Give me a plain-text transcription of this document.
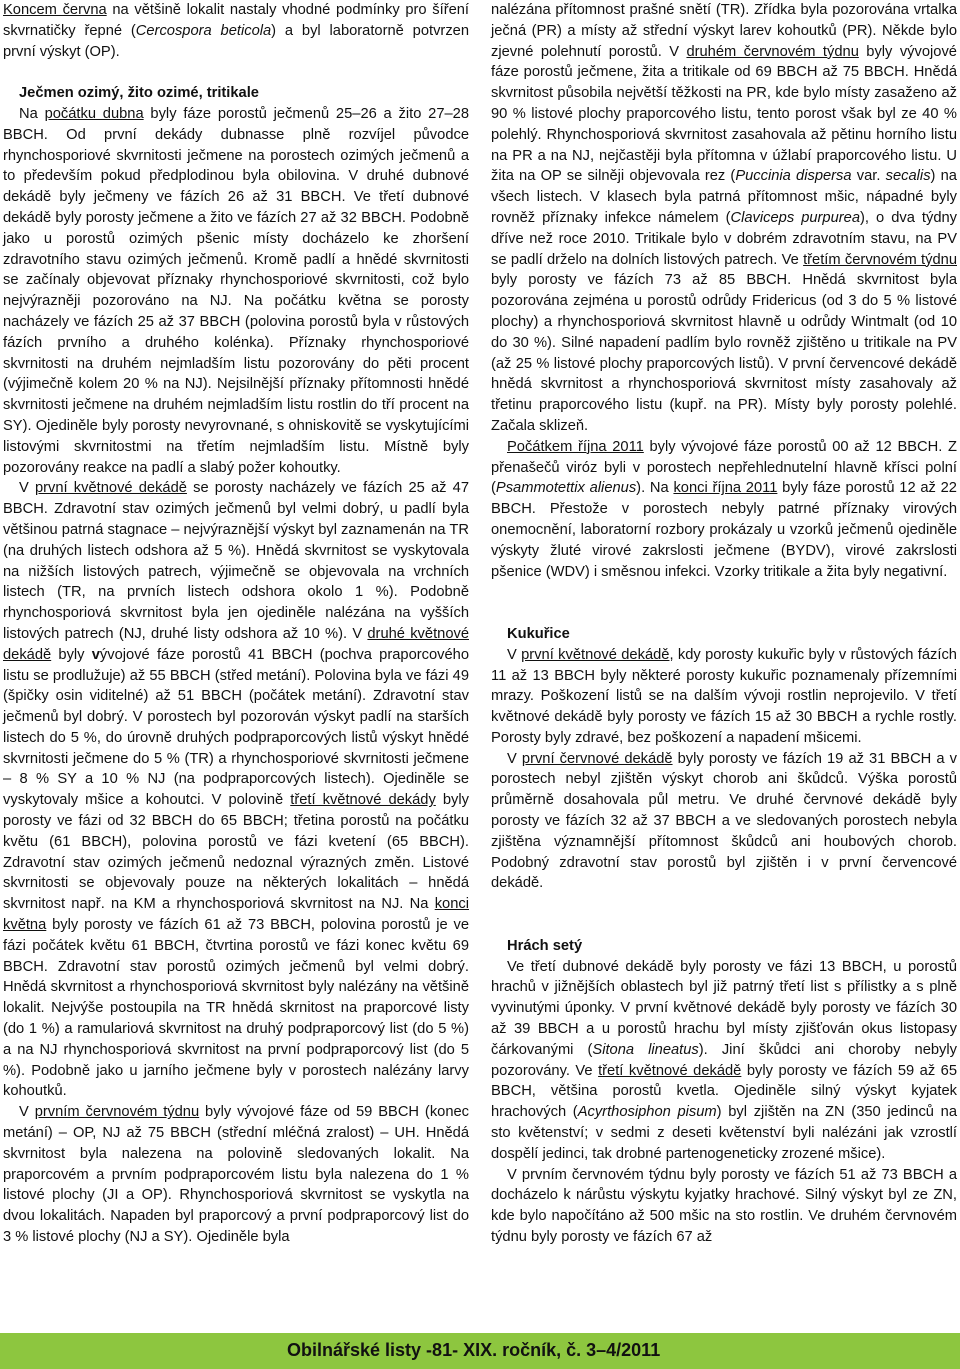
Koncem června na většině lokalit nastaly vhodné podmínky pro šíření skvrnatičky řepné (Cercospora beticola) a byl laboratorně potvrzen první výskyt (OP).

Ječmen ozimý, žito ozimé, tritikale

Na počátku dubna byly fáze porostů ječmenů 25–26 a žito 27–28 BBCH. Od první dekády dubnasse plně rozvíjel původce rhynchosporiové skvrnitosti ječmene na porostech ozimých ječmenů a to především pokud předplodinou byla obilovina. V druhé dubnové dekádě byly ječmeny ve fázích 26 až 31 BBCH. Ve třetí dubnové dekádě byly porosty ječmene a žito ve fázích 27 až 32 BBCH. Podobně jako u porostů ozimých pšenic místy docházelo ke zhoršení zdravotního stavu ozimých ječmenů. Kromě padlí a hnědé skvrnitosti se začínaly objevovat příznaky rhynchosporiové skvrnitosti, což bylo nejvýrazněji pozorováno na NJ. Na počátku května se porosty nacházely ve fázích 25 až 37 BBCH (polovina porostů byla v růstových fázích prvního a druhého kolénka). Příznaky rhynchosporiové skvrnitosti na druhém nejmladším listu pozorovány do pěti procent (výjimečně kolem 20 % na NJ). Nejsilnější příznaky přítomnosti hnědé skvrnitosti ječmene na druhém nejmladším listu rostlin do tří procent na SY). Ojediněle byly porosty nevyrovnané, s ohniskovitě se vyskytujícími listovými skvrnitostmi na třetím nejmladším listu. Místně byly pozorovány reakce na padlí a slabý požer kohoutky.

V první květnové dekádě se porosty nacházely ve fázích 25 až 47 BBCH. Zdravotní stav ozimých ječmenů byl velmi dobrý, u padlí byla většinou patrná stagnace – nejvýraznější výskyt byl zaznamenán na TR (na druhých listech odshora až 5 %). Hnědá skvrnitost se vyskytovala na nižších listových patrech, výjimečně se objevovala na vrchních listech (TR, na prvních listech odshora okolo 1 %). Podobně rhynchosporiová skvrnitost byla jen ojediněle nalézána na vyšších listových patrech (NJ, druhé listy odshora až 10 %). V druhé květnové dekádě byly vývojové fáze porostů 41 BBCH (pochva praporcového listu se prodlužuje) až 55 BBCH (střed metání). Polovina byla ve fázi 49 (špičky osin viditelné) až 51 BBCH (počátek metání). Zdravotní stav ječmenů byl dobrý. V porostech byl pozorován výskyt padlí na starších listech do 5 %, do úrovně druhých podpraporcových listů výskyt hnědé skvrnitosti ječmene do 5 % (TR) a rhynchosporiové skvrnitosti ječmene – 8 % SY a 10 % NJ (na podpraporcových listech). Ojediněle se vyskytovaly mšice a kohoutci. V polovině třetí květnové dekády byly porosty ve fázi od 32 BBCH do 65 BBCH; třetina porostů na počátku květu (61 BBCH), polovina porostů ve fázi kvetení (65 BBCH). Zdravotní stav ozimých ječmenů nedoznal výrazných změn. Listové skvrnitosti se objevovaly pouze na některých lokalitách – hnědá skvrnitost např. na KM a rhynchosporiová skvrnitost na NJ. Na konci května byly porosty ve fázích 61 až 73 BBCH, polovina porostů je ve fázi počátek květu 61 BBCH, čtvrtina porostů ve fázi konec květu 69 BBCH. Zdravotní stav porostů ozimých ječmenů byl velmi dobrý. Hnědá skvrnitost a rhynchosporiová skvrnitost byly nalézány na většině lokalit. Nejvýše postoupila na TR hnědá skrnitost na praporcové listy (do 1 %) a ramulariová skvrnitost na druhý podpraporcový list (do 5 %) a na NJ rhynchosporiová skvrnitost na první podpraporcový list (do 5 %). Podobně jako u jarního ječmene byly v porostech nalézány larvy kohoutků.

V prvním červnovém týdnu byly vývojové fáze od 59 BBCH (konec metání) – OP, NJ až 75 BBCH (střední mléčná zralost) – UH. Hnědá skvrnitost byla nalezena na polovině sledovaných lokalit. Na praporcovém a prvním podpraporcovém listu byla nalezena do 1 % listové plochy (JI a OP). Rhynchosporiová skvrnitost se vyskytla na dvou lokalitách. Napaden byl praporcový a první podpraporcový list do 3 % listové plochy (NJ a SY). Ojediněle byla

nalézána přítomnost prašné snětí (TR). Zřídka byla pozorována vrtalka ječná (PR) a místy až střední výskyt larev kohoutků (PR). Někde bylo zjevné polehnutí porostů. V druhém červnovém týdnu byly vývojové fáze porostů ječmene, žita a tritikale od 69 BBCH až 75 BBCH. Hnědá skvrnitost působila největší těžkosti na PR, kde bylo místy zasaženo až 90 % listové plochy praporcového listu, tento porost však byl ze 40 % polehlý. Rhynchosporiová skvrnitost zasahovala až pětinu horního listu na PR a na NJ, nejčastěji byla přítomna v úžlabí praporcového listu. U žita na OP se silněji objevovala rez (Puccinia dispersa var. secalis) na všech listech. V klasech byla patrná přítomnost mšic, nápadné byly rovněž příznaky infekce námelem (Claviceps purpurea), o dva týdny dříve než roce 2010. Tritikale bylo v dobrém zdravotním stavu, na PV se padlí drželo na dolních listových patrech. Ve třetím červnovém týdnu byly porosty ve fázích 73 až 85 BBCH. Hnědá skvrnitost byla pozorována zejména u porostů odrůdy Fridericus (od 3 do 5 % listové plochy) a rhynchosporiová skvrnitost hlavně u odrůdy Wintmalt (od 10 do 30 %). Silné napadení padlím bylo rovněž zjištěno u tritikale na PV (až 25 % listové plochy praporcových listů). V první červencové dekádě hnědá skvrnitost a rhynchosporiová skvrnitost místy zasahovaly až třetinu praporcového listu (kupř. na PR). Místy byly porosty polehlé. Začala sklizeň.

Počátkem října 2011 byly vývojové fáze porostů 00 až 12 BBCH. Z přenašečů viróz byli v porostech nepřehlednutelní hlavně křísci polní (Psammotettix alienus). Na konci října 2011 byly fáze porostů 12 až 22 BBCH. Přestože v porostech nebyly patrné příznaky virových onemocnění, laboratorní rozbory prokázaly u vzorků ječmenů ojediněle výskyty žluté virové zakrslosti ječmene (BYDV), virové zakrslosti pšenice (WDV) i směsnou infekci. Vzorky tritikale a žita byly negativní.

Kukuřice

V první květnové dekádě, kdy porosty kukuřic byly v růstových fázích 11 až 13 BBCH byly některé porosty kukuřic poznamenaly přízemními mrazy. Poškození listů se na dalším vývoji rostlin neprojevilo. V třetí květnové dekádě byly porosty ve fázích 15 až 30 BBCH a rychle rostly. Porosty byly zdravé, bez poškození a napadení mšicemi.

V první červnové dekádě byly porosty ve fázích 19 až 31 BBCH a v porostech nebyl zjištěn výskyt chorob ani škůdců. Výška porostů průměrně dosahovala půl metru. Ve druhé červnové dekádě byly porosty ve fázích 32 až 37 BBCH a ve sledovaných porostech nebyla zjištěna významnější přítomnost škůdců ani houbových chorob. Podobný zdravotní stav porostů byl zjištěn i v první červencové dekádě.

Hrách setý

Ve třetí dubnové dekádě byly porosty ve fázi 13 BBCH, u porostů hrachů v jižnějších oblastech byl již patrný třetí list s přílistky a s plně vyvinutými úponky. V první květnové dekádě byly porosty ve fázích 30 až 39 BBCH a u porostů hrachu byl místy zjišťován okus listopasy čárkovanými (Sitona lineatus). Jiní škůdci ani choroby nebyly pozorovány. Ve třetí květnové dekádě byly porosty ve fázích 59 až 65 BBCH, většina porostů kvetla. Ojediněle silný výskyt kyjatek hrachových (Acyrthosiphon pisum) byl zjištěn na ZN (350 jedinců na sto květenství; v sedmi z deseti květenství byli nalézáni jak vzrostlí dospělí jedinci, tak drobné partenogeneticky zrozené mšice).

V prvním červnovém týdnu byly porosty ve fázích 51 až 73 BBCH a docházelo k nárůstu výskytu kyjatky hrachové. Silný výskyt byl ze ZN, kde bylo napočítáno až 500 mšic na sto rostlin. Ve druhém červnovém týdnu byly porosty ve fázích 67 až

Obilnářské listy -81- XIX. ročník, č. 3–4/2011
